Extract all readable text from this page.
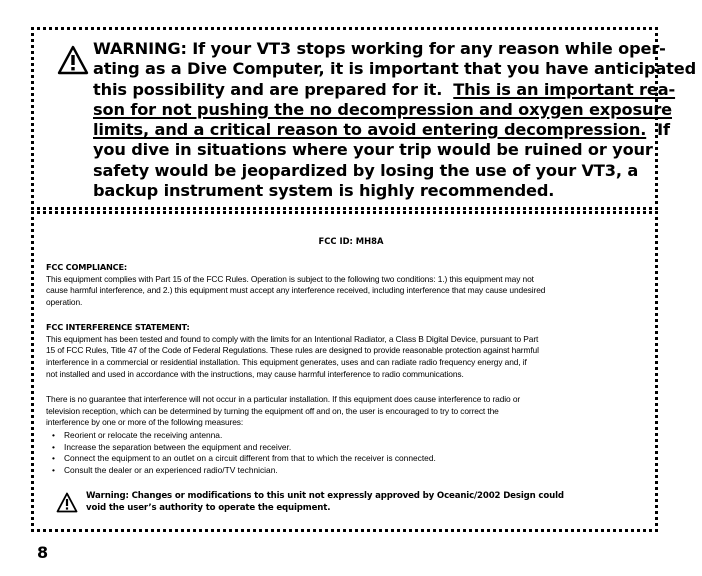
WARNING: If your VT3 stops working for any reason while oper-
ating as a Dive Computer, it is important that you have anticipated
this possibility and are prepared for it.  This is an important rea-
son for not pushing the no decompression and oxygen exposure
limits, and a critical reason to avoid entering decompression.  If
you dive in situations where your trip would be ruined or your
safety would be jeopardized by losing the use of your VT3, a
backup instrument system is highly recommended.
FCC ID: MH8A
FCC COMPLIANCE:
This equipment complies with Part 15 of the FCC Rules. Operation is subject to the following two conditions: 1.) this equipment may not
cause harmful interference, and 2.) this equipment must accept any interference received, including interference that may cause undesired
operation.
FCC INTERFERENCE STATEMENT:
This equipment has been tested and found to comply with the limits for an Intentional Radiator, a Class B Digital Device, pursuant to Part
15 of FCC Rules, Title 47 of the Code of Federal Regulations. These rules are designed to provide reasonable protection against harmful
interference in a commercial or residential installation. This equipment generates, uses and can radiate radio frequency energy and, if
not installed and used in accordance with the instructions, may cause harmful interference to radio communications.
There is no guarantee that interference will not occur in a particular installation. If this equipment does cause interference to radio or
television reception, which can be determined by turning the equipment off and on, the user is encouraged to try to correct the
interference by one or more of the following measures:
• Reorient or relocate the receiving antenna.
• Increase the separation between the equipment and receiver.
• Connect the equipment to an outlet on a circuit different from that to which the receiver is connected.
• Consult the dealer or an experienced radio/TV technician.
Warning: Changes or modifications to this unit not expressly approved by Oceanic/2002 Design could
void the user’s authority to operate the equipment.
8
